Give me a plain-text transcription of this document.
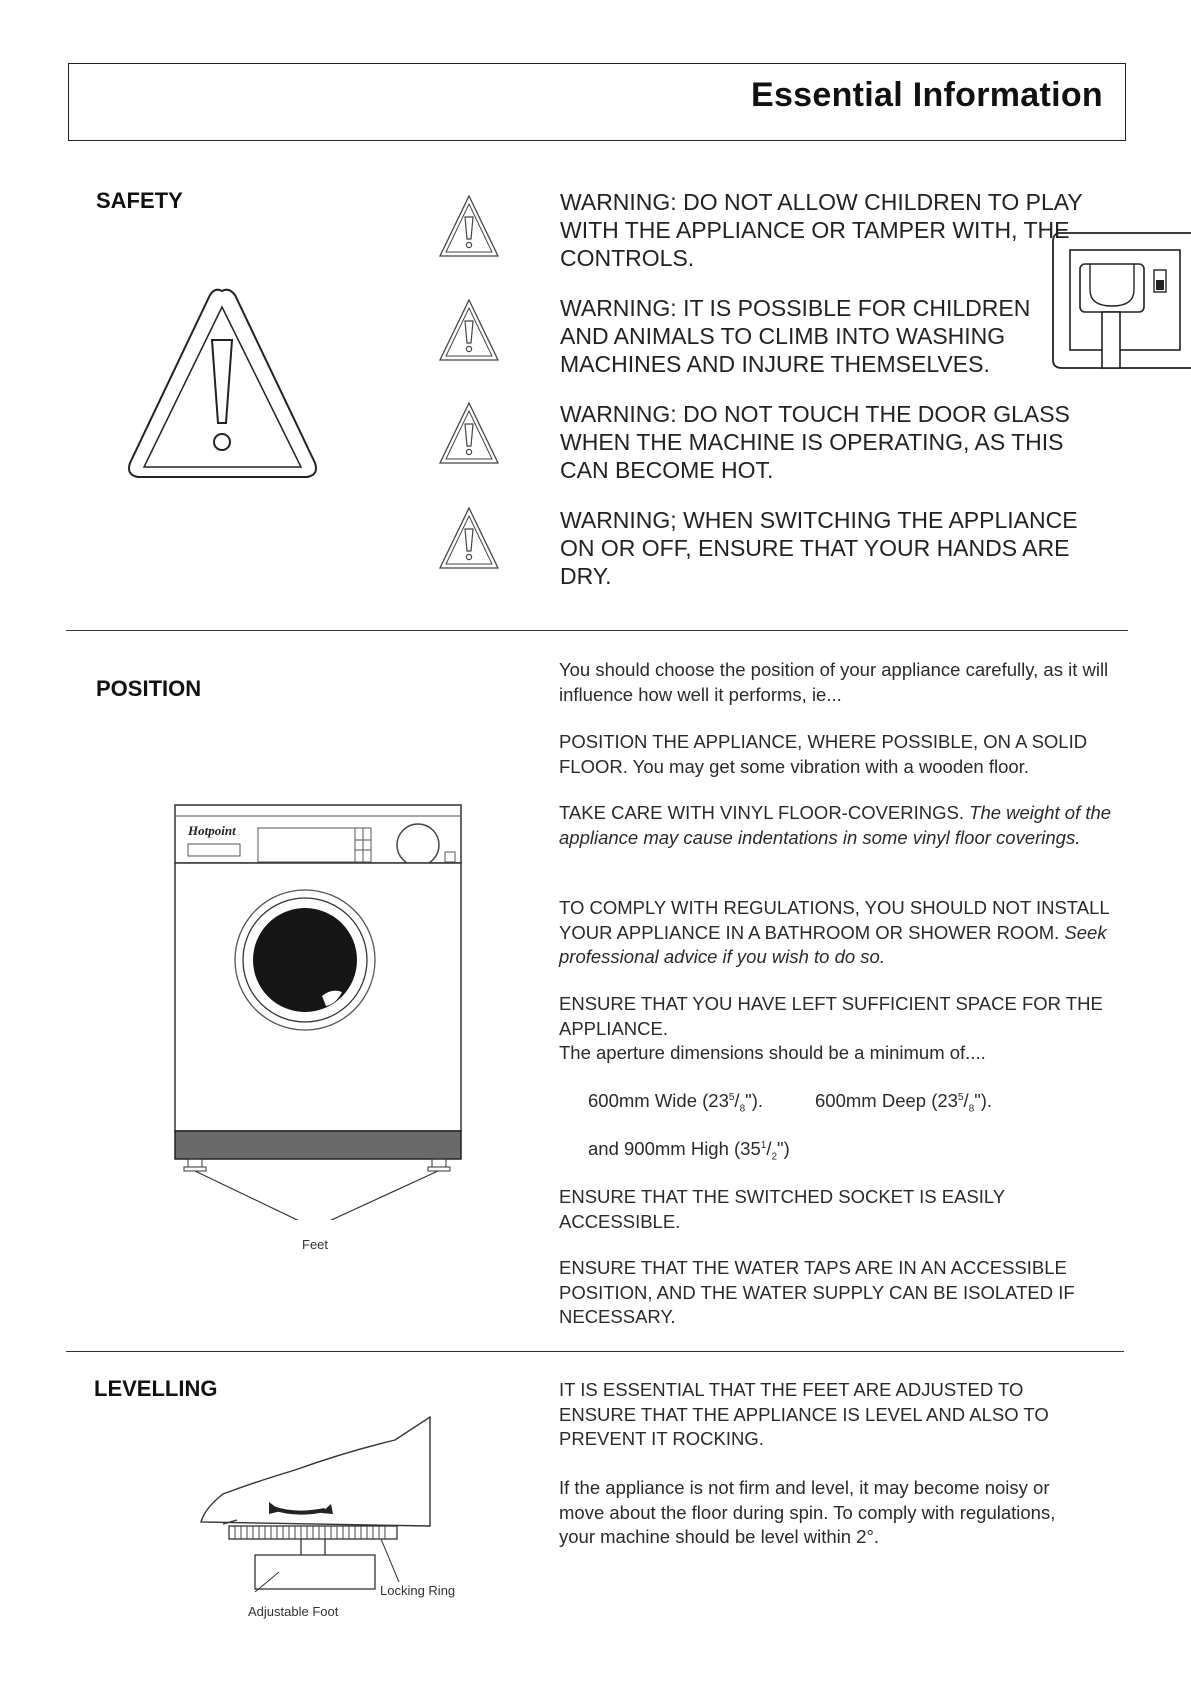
Essential Information
SAFETY	WARNING: DO NOT ALLOW CHILDREN TO PLAY WITH THE APPLIANCE OR TAMPER WITH, THE CONTROLS.
WARNING: IT IS POSSIBLE FOR CHILDREN AND ANIMALS TO CLIMB INTO WASHING MACHINES AND INJURE THEMSELVES.
WARNING: DO NOT TOUCH THE DOOR GLASS WHEN THE MACHINE IS OPERATING, AS THIS CAN BECOME HOT.
WARNING; WHEN SWITCHING THE APPLIANCE ON OR OFF, ENSURE THAT YOUR HANDS ARE DRY.
POSITION
You should choose the position of your appliance carefully, as it will influence how well it performs, ie...
POSITION THE APPLIANCE, WHERE POSSIBLE, ON A SOLID FLOOR. You may get some vibration with a wooden floor.
TAKE CARE WITH VINYL FLOOR-COVERINGS. The weight of the appliance may cause indentations in some vinyl floor coverings.
TO COMPLY WITH REGULATIONS, YOU SHOULD NOT INSTALL YOUR APPLIANCE IN A BATHROOM OR SHOWER ROOM. Seek professional advice if you wish to do so.
ENSURE THAT YOU HAVE LEFT SUFFICIENT SPACE FOR THE APPLIANCE.
The aperture dimensions should be a minimum of....
600mm Wide $(23^5/_8")$.	600mm Deep $(23^5/_8")$.
and 900mm High $(35^1/_2")$
ENSURE THAT THE SWITCHED SOCKET IS EASILY ACCESSIBLE.
ENSURE THAT THE WATER TAPS ARE IN AN ACCESSIBLE POSITION, AND THE WATER SUPPLY CAN BE ISOLATED IF NECESSARY.
Hotpoint
Feet
LEVELLING	IT IS ESSENTIAL THAT THE FEET ARE ADJUSTED TO ENSURE THAT THE APPLIANCE IS LEVEL AND ALSO TO PREVENT IT ROCKING.
If the appliance is not firm and level, it may become noisy or move about the floor during spin. To comply with regulations, your machine should be level within 2°.
Locking Ring
Adjustable Foot
